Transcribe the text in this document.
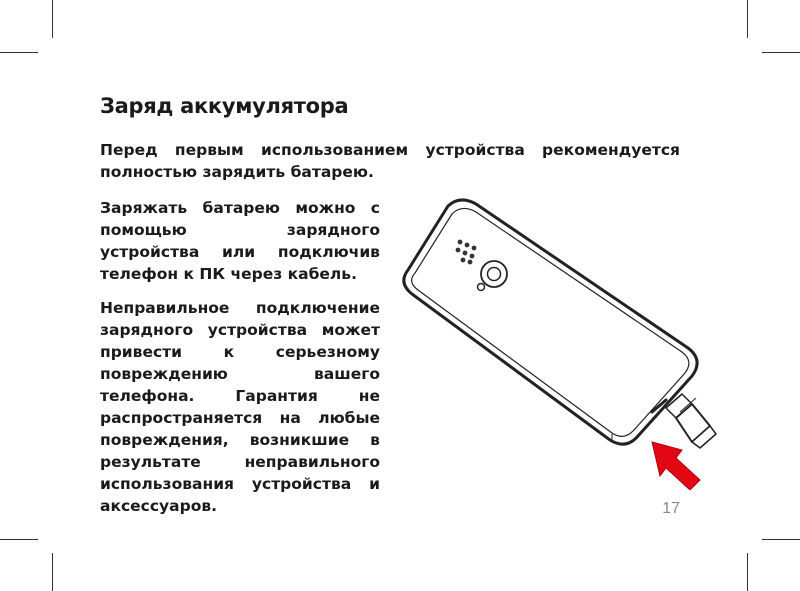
Заряд аккумулятора

Перед первым использованием устройства рекомендуется полностью зарядить батарею.

Заряжать батарею можно с помощью зарядного устройства или подключив телефон к ПК через кабель.

Неправильное подключение зарядного устройства может привести к серьезному повреждению вашего телефона. Гарантия не распространяется на любые повреждения, возникшие в результате неправильного использования устройства и аксессуаров.	17
